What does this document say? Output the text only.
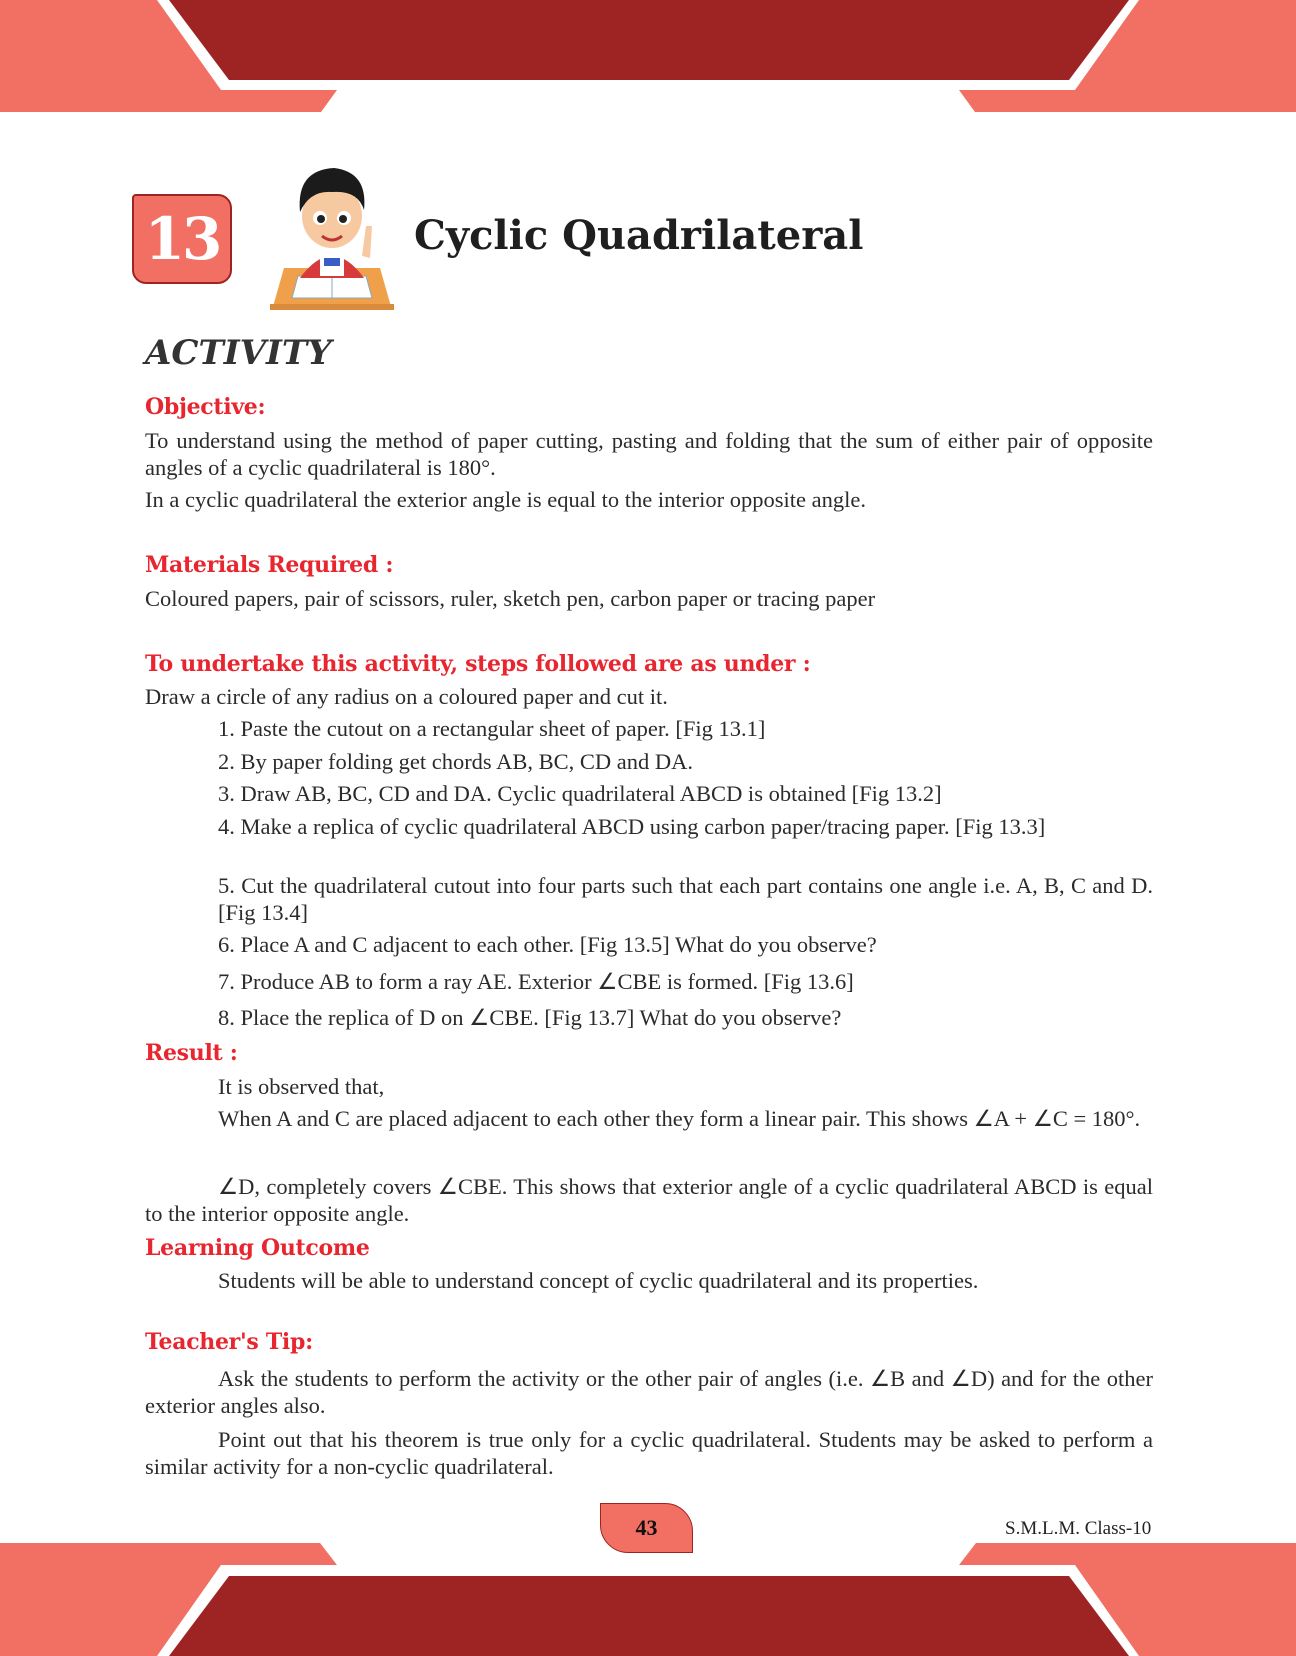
13	Cyclic Quadrilateral
ACTIVITY
Objective:
To understand using the method of paper cutting, pasting and folding that the sum of either pair of opposite angles of a cyclic quadrilateral is 180°.
In a cyclic quadrilateral the exterior angle is equal to the interior opposite angle.
Materials Required :
Coloured papers, pair of scissors, ruler, sketch pen, carbon paper or tracing paper
To undertake this activity, steps followed are as under :
Draw a circle of any radius on a coloured paper and cut it.
1. Paste the cutout on a rectangular sheet of paper. [Fig 13.1]
2. By paper folding get chords AB, BC, CD and DA.
3. Draw AB, BC, CD and DA. Cyclic quadrilateral ABCD is obtained [Fig 13.2]
4. Make a replica of cyclic quadrilateral ABCD using carbon paper/tracing paper. [Fig 13.3]
5. Cut the quadrilateral cutout into four parts such that each part contains one angle i.e. A, B, C and D. [Fig 13.4]
6. Place A and C adjacent to each other. [Fig 13.5] What do you observe?
7. Produce AB to form a ray AE. Exterior ∠CBE is formed. [Fig 13.6]
8. Place the replica of D on ∠CBE. [Fig 13.7] What do you observe?
Result :
It is observed that,
When A and C are placed adjacent to each other they form a linear pair. This shows ∠A + ∠C = 180°.
∠D, completely covers ∠CBE. This shows that exterior angle of a cyclic quadrilateral ABCD is equal to the interior opposite angle.
Learning Outcome
Students will be able to understand concept of cyclic quadrilateral and its properties.
Teacher's Tip:
Ask the students to perform the activity or the other pair of angles (i.e. ∠B and ∠D) and for the other exterior angles also.
Point out that his theorem is true only for a cyclic quadrilateral. Students may be asked to perform a similar activity for a non-cyclic quadrilateral.
43	S.M.L.M. Class-10
